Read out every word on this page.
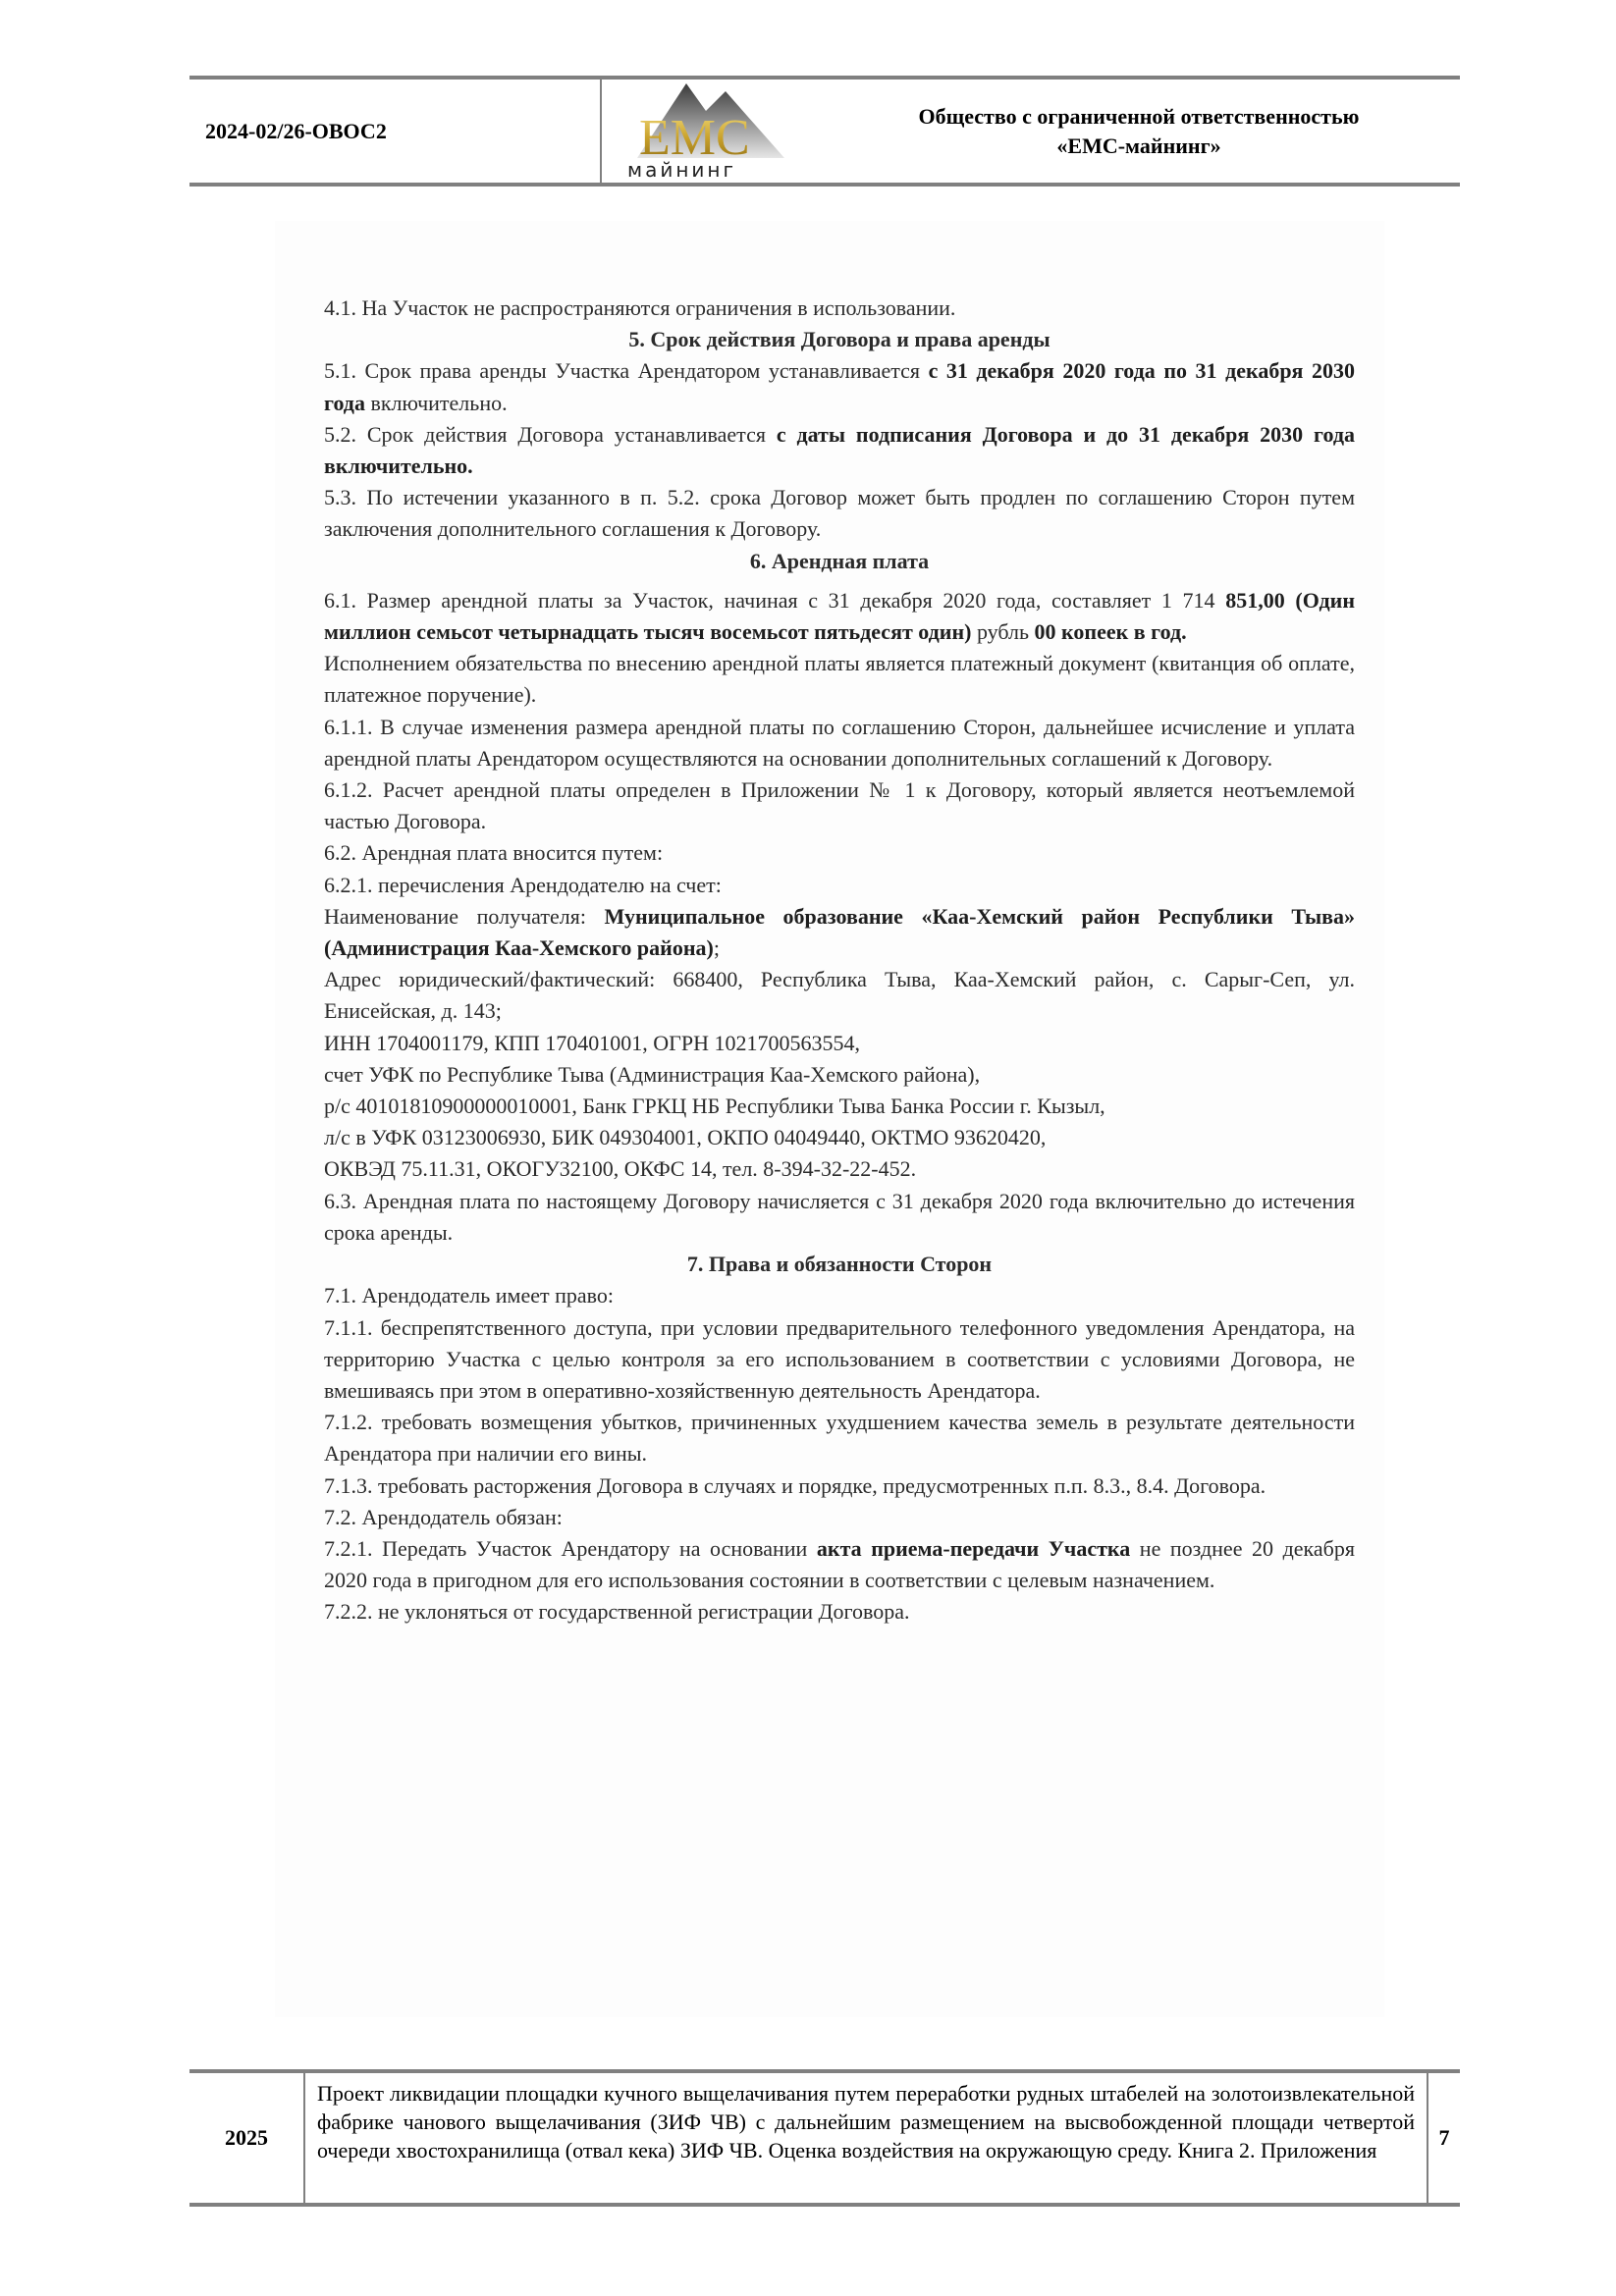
2024-02/26-ОВОС2	ЕМС
майнинг
Общество с ограниченной ответственностью
«ЕМС-майнинг»

4.1. На Участок не распространяются ограничения в использовании.

5. Срок действия Договора и права аренды

5.1. Срок права аренды Участка Арендатором устанавливается с 31 декабря 2020 года по 31 декабря 2030 года включительно.

5.2. Срок действия Договора устанавливается с даты подписания Договора и до 31 декабря 2030 года включительно.

5.3. По истечении указанного в п. 5.2. срока Договор может быть продлен по соглашению Сторон путем заключения дополнительного соглашения к Договору.

6. Арендная плата

6.1. Размер арендной платы за Участок, начиная с 31 декабря 2020 года, составляет 1 714 851,00 (Один миллион семьсот четырнадцать тысяч восемьсот пятьдесят один) рубль 00 копеек в год.

Исполнением обязательства по внесению арендной платы является платежный документ (квитанция об оплате, платежное поручение).

6.1.1. В случае изменения размера арендной платы по соглашению Сторон, дальнейшее исчисление и уплата арендной платы Арендатором осуществляются на основании дополнительных соглашений к Договору.

6.1.2. Расчет арендной платы определен в Приложении № 1 к Договору, который является неотъемлемой частью Договора.

6.2. Арендная плата вносится путем:

6.2.1. перечисления Арендодателю на счет:

Наименование получателя: Муниципальное образование «Каа-Хемский район Республики Тыва» (Администрация Каа-Хемского района);

Адрес юридический/фактический: 668400, Республика Тыва, Каа-Хемский район, с. Сарыг-Сеп, ул. Енисейская, д. 143;

ИНН 1704001179, КПП 170401001, ОГРН 1021700563554,

счет УФК по Республике Тыва (Администрация Каа-Хемского района),

р/с 40101810900000010001, Банк ГРКЦ НБ Республики Тыва Банка России г. Кызыл,

л/с в УФК 03123006930, БИК 049304001, ОКПО 04049440, ОКТМО 93620420,

ОКВЭД 75.11.31, ОКОГУ32100, ОКФС 14, тел. 8-394-32-22-452.

6.3. Арендная плата по настоящему Договору начисляется с 31 декабря 2020 года включительно до истечения срока аренды.

7. Права и обязанности Сторон

7.1. Арендодатель имеет право:

7.1.1. беспрепятственного доступа, при условии предварительного телефонного уведомления Арендатора, на территорию Участка с целью контроля за его использованием в соответствии с условиями Договора, не вмешиваясь при этом в оперативно-хозяйственную деятельность Арендатора.

7.1.2. требовать возмещения убытков, причиненных ухудшением качества земель в результате деятельности Арендатора при наличии его вины.

7.1.3. требовать расторжения Договора в случаях и порядке, предусмотренных п.п. 8.3., 8.4. Договора.

7.2. Арендодатель обязан:

7.2.1. Передать Участок Арендатору на основании акта приема-передачи Участка не позднее 20 декабря 2020 года в пригодном для его использования состоянии в соответствии с целевым назначением.

7.2.2. не уклоняться от государственной регистрации Договора.

2025
Проект ликвидации площадки кучного выщелачивания путем переработки рудных штабелей на золотоизвлекательной фабрике чанового выщелачивания (ЗИФ ЧВ) с дальнейшим размещением на высвобожденной площади четвертой очереди хвостохранилища (отвал кека) ЗИФ ЧВ. Оценка воздействия на окружающую среду. Книга 2. Приложения
7
